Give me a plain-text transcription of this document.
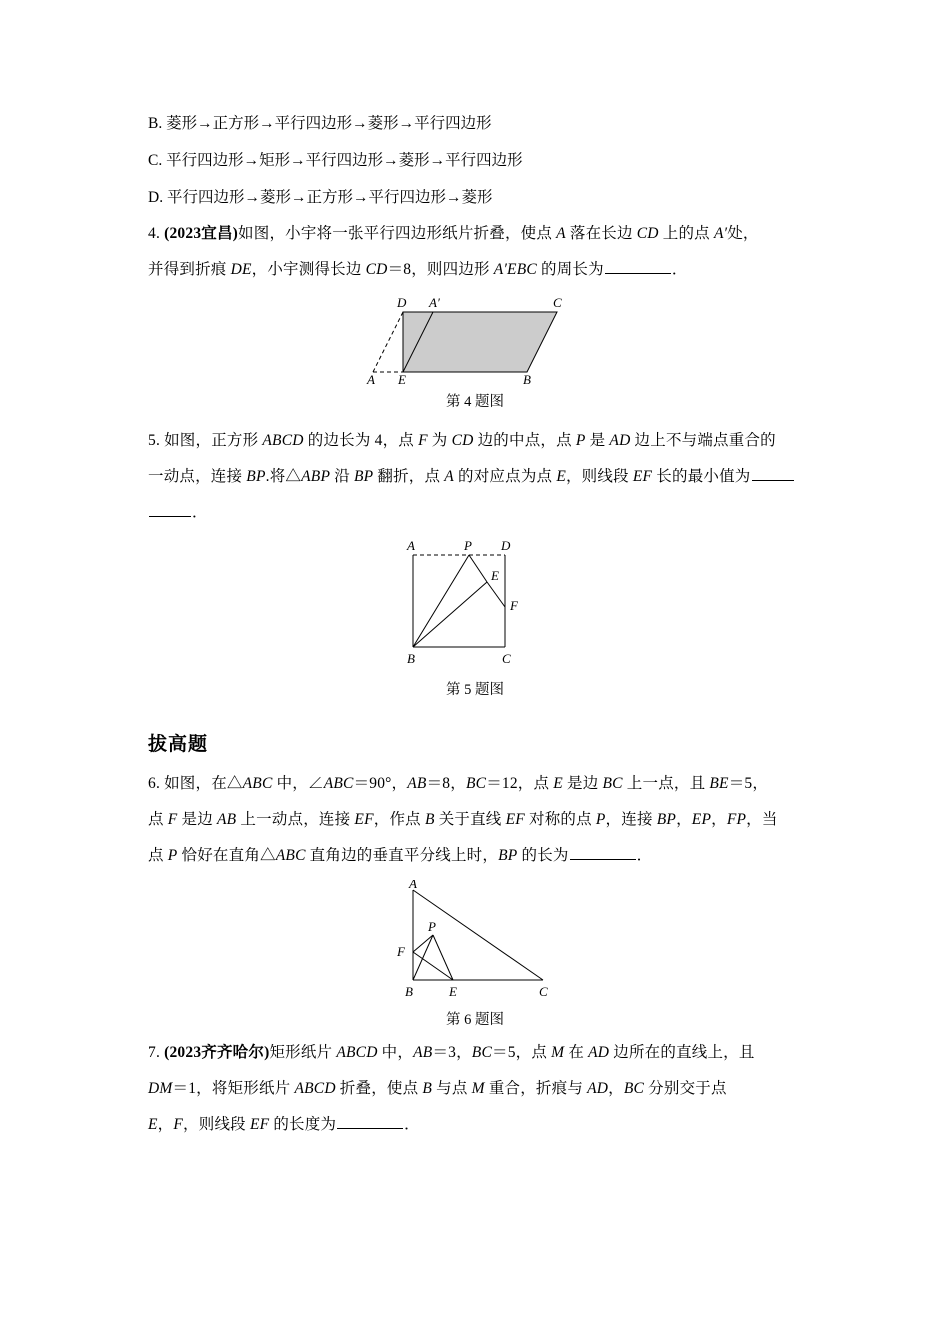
B. 菱形→正方形→平行四边形→菱形→平行四边形
C. 平行四边形→矩形→平行四边形→菱形→平行四边形
D. 平行四边形→菱形→正方形→平行四边形→菱形
4. (2023宜昌)如图，小宇将一张平行四边形纸片折叠，使点 A 落在长边 CD 上的点 A′处，
并得到折痕 DE，小宇测得长边 CD＝8，则四边形 A′EBC 的周长为	．
D A′	C
A E	B
第 4 题图
5. 如图，正方形 ABCD 的边长为 4，点 F 为 CD 边的中点，点 P 是 AD 边上不与端点重合的
一动点，连接 BP.将△ABP 沿 BP 翻折，点 A 的对应点为点 E，则线段 EF 长的最小值为
．
A	P D
E
F
B	C
第 5 题图
拔高题
6. 如图，在△ABC 中，∠ABC＝90°，AB＝8，BC＝12，点 E 是边 BC 上一点，且 BE＝5，
点 F 是边 AB 上一动点，连接 EF，作点 B 关于直线 EF 对称的点 P，连接 BP，EP，FP，当
点 P 恰好在直角△ABC 直角边的垂直平分线上时，BP 的长为	．
A
P
F
B	E	C
第 6 题图
7. (2023齐齐哈尔)矩形纸片 ABCD 中，AB＝3，BC＝5，点 M 在 AD 边所在的直线上，且
DM＝1，将矩形纸片 ABCD 折叠，使点 B 与点 M 重合，折痕与 AD，BC 分别交于点
E，F，则线段 EF 的长度为	．
